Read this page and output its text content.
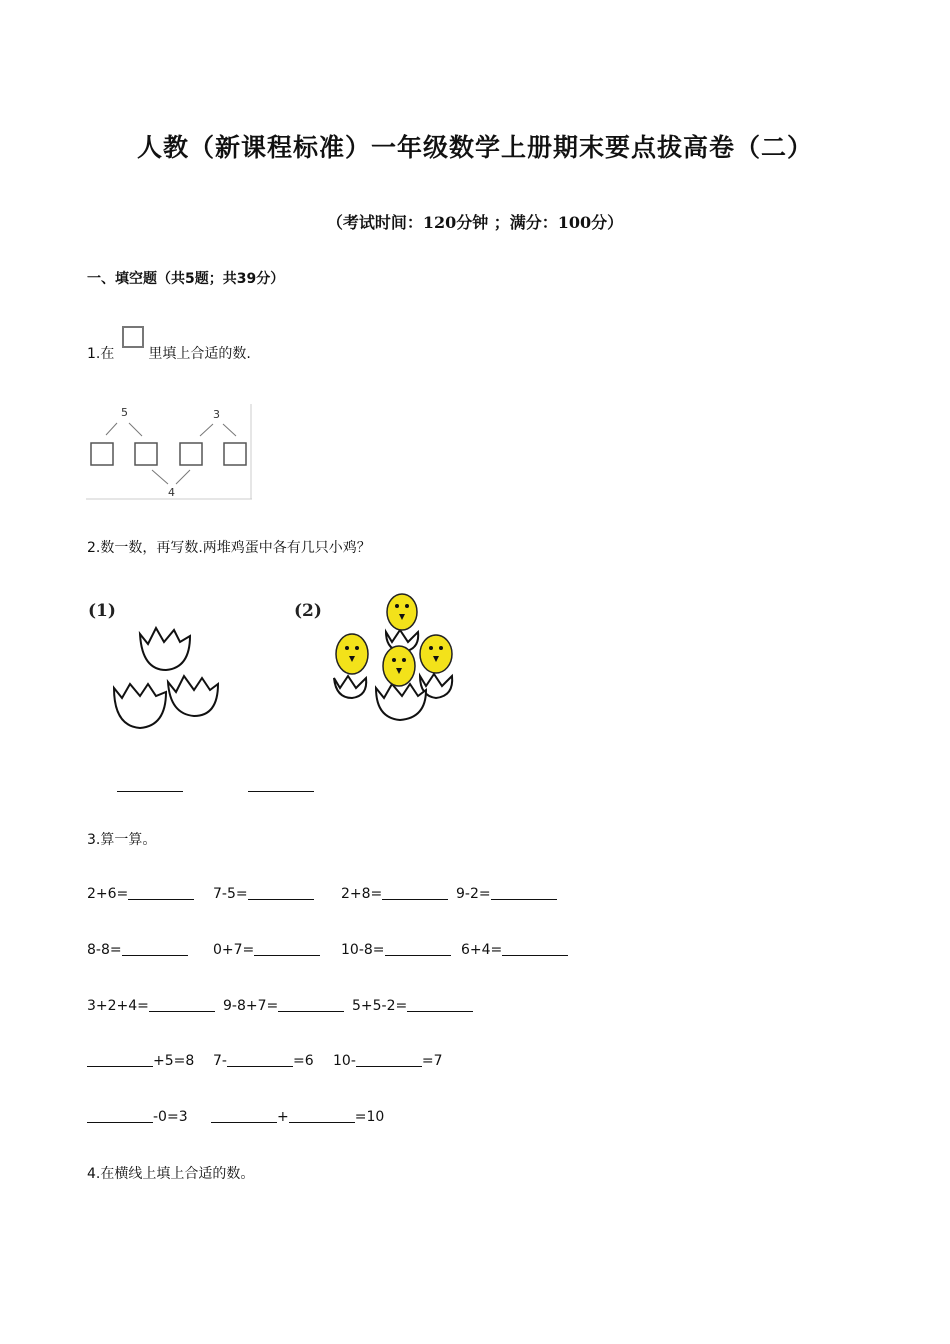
人教（新课程标准）一年级数学上册期末要点拔高卷（二）
（考试时间：120分钟 ；满分：100分）
一、填空题（共5题；共39分）
1.在 里填上合适的数.
5	3
4
2.数一数，再写数.两堆鸡蛋中各有几只小鸡？
(1)	(2)
3.算一算。
2+6=	7-5=	2+8=	9-2=
8-8=	0+7=	10-8=	6+4=
3+2+4=	9-8+7=	5+5-2=
+5=8 7-	=6 10-	=7
-0=3	+	=10
4.在横线上填上合适的数。
